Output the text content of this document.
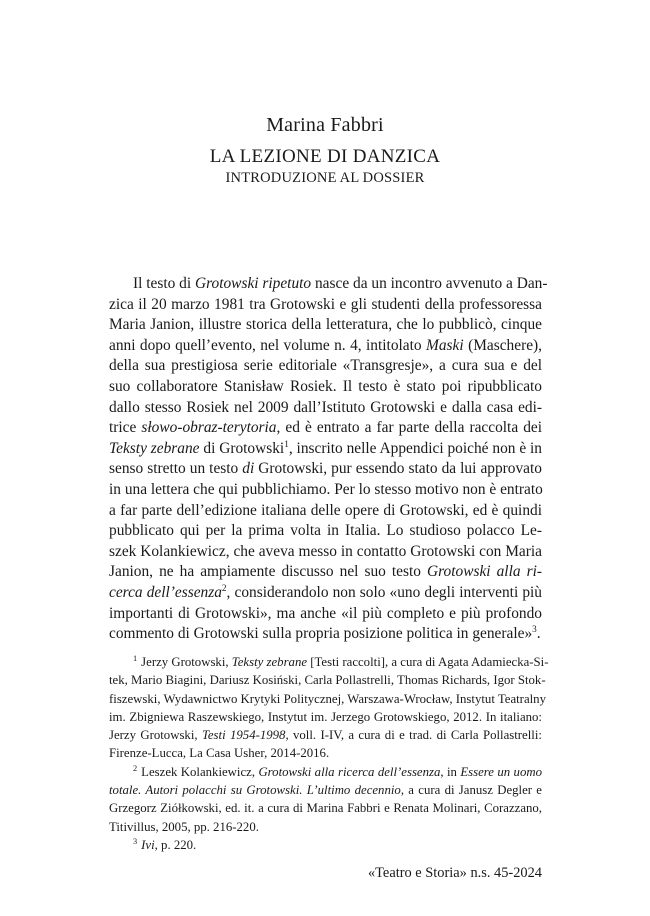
Marina Fabbri
LA LEZIONE DI DANZICA
INTRODUZIONE AL DOSSIER
Il testo di Grotowski ripetuto nasce da un incontro avvenuto a Dan-
zica il 20 marzo 1981 tra Grotowski e gli studenti della professoressa
Maria Janion, illustre storica della letteratura, che lo pubblicò, cinque
anni dopo quell’evento, nel volume n. 4, intitolato Maski (Maschere),
della sua prestigiosa serie editoriale «Transgresje», a cura sua e del
suo collaboratore Stanisław Rosiek. Il testo è stato poi ripubblicato
dallo stesso Rosiek nel 2009 dall’Istituto Grotowski e dalla casa edi-
trice słowo-obraz-terytoria, ed è entrato a far parte della raccolta dei
Teksty zebrane di Grotowski$^1$, inscrito nelle Appendici poiché non è in
senso stretto un testo di Grotowski, pur essendo stato da lui approvato
in una lettera che qui pubblichiamo. Per lo stesso motivo non è entrato
a far parte dell’edizione italiana delle opere di Grotowski, ed è quindi
pubblicato qui per la prima volta in Italia. Lo studioso polacco Le-
szek Kolankiewicz, che aveva messo in contatto Grotowski con Maria
Janion, ne ha ampiamente discusso nel suo testo Grotowski alla ri-
cerca dell’essenza$^2$, considerandolo non solo «uno degli interventi più
importanti di Grotowski», ma anche «il più completo e più profondo
commento di Grotowski sulla propria posizione politica in generale»$^3$.
$^1$ Jerzy Grotowski, Teksty zebrane [Testi raccolti], a cura di Agata Adamiecka-Si-
tek, Mario Biagini, Dariusz Kosiński, Carla Pollastrelli, Thomas Richards, Igor Stok-
fiszewski, Wydawnictwo Krytyki Politycznej, Warszawa-Wrocław, Instytut Teatralny
im. Zbigniewa Raszewskiego, Instytut im. Jerzego Grotowskiego, 2012. In italiano:
Jerzy Grotowski, Testi 1954-1998, voll. I-IV, a cura di e trad. di Carla Pollastrelli:
Firenze-Lucca, La Casa Usher, 2014-2016.
$^2$ Leszek Kolankiewicz, Grotowski alla ricerca dell’essenza, in Essere un uomo
totale. Autori polacchi su Grotowski. L’ultimo decennio, a cura di Janusz Degler e
Grzegorz Ziółkowski, ed. it. a cura di Marina Fabbri e Renata Molinari, Corazzano,
Titivillus, 2005, pp. 216-220.
$^3$ Ivi, p. 220.
«Teatro e Storia» n.s. 45-2024
